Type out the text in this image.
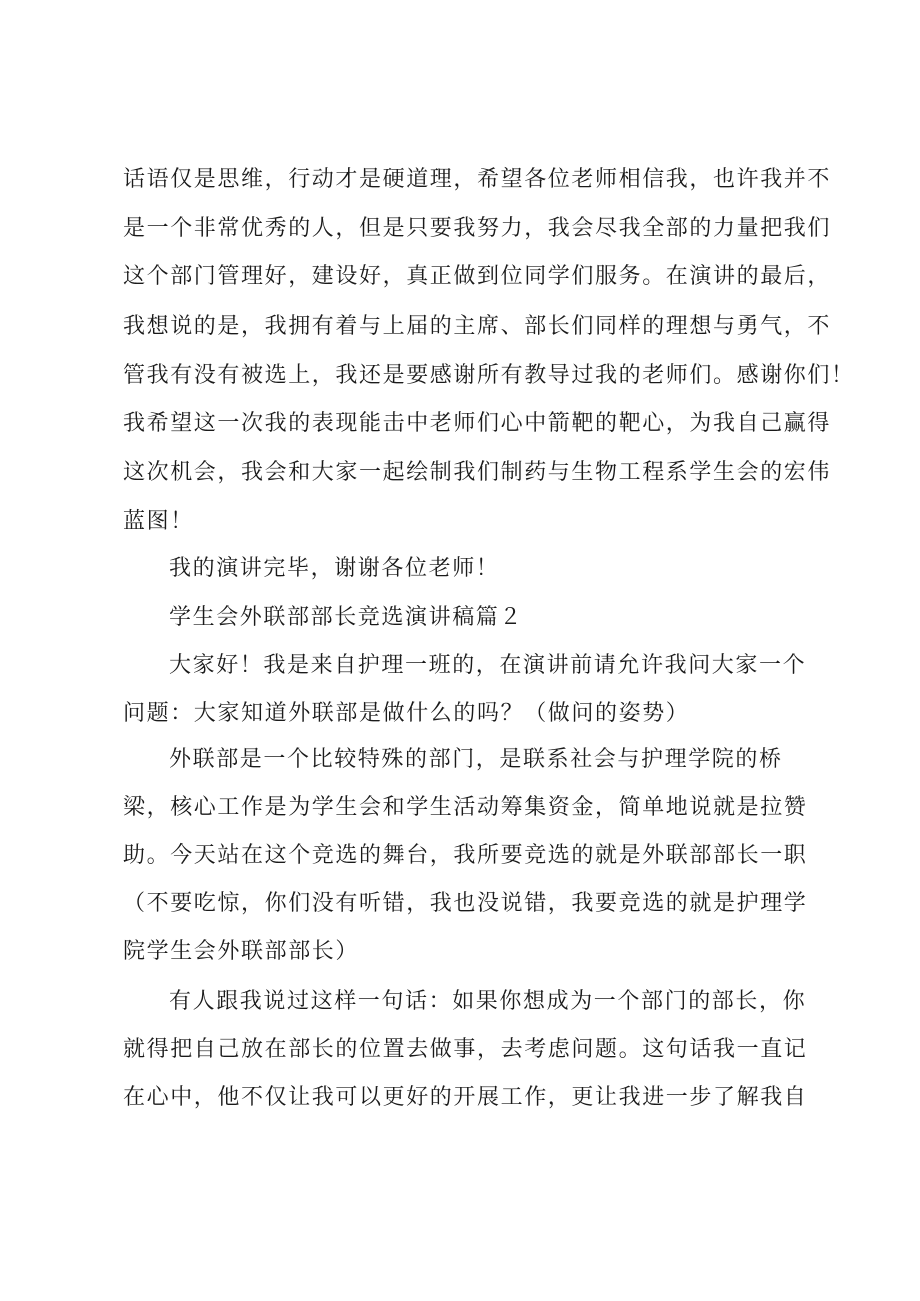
话语仅是思维，行动才是硬道理，希望各位老师相信我，也许我并不
是一个非常优秀的人，但是只要我努力，我会尽我全部的力量把我们
这个部门管理好，建设好，真正做到位同学们服务。在演讲的最后，
我想说的是，我拥有着与上届的主席、部长们同样的理想与勇气，不
管我有没有被选上，我还是要感谢所有教导过我的老师们。感谢你们！
我希望这一次我的表现能击中老师们心中箭靶的靶心，为我自己赢得
这次机会，我会和大家一起绘制我们制药与生物工程系学生会的宏伟
蓝图！
我的演讲完毕，谢谢各位老师！
学生会外联部部长竞选演讲稿篇２
大家好！我是来自护理一班的，在演讲前请允许我问大家一个
问题：大家知道外联部是做什么的吗？（做问的姿势）
外联部是一个比较特殊的部门，是联系社会与护理学院的桥
梁，核心工作是为学生会和学生活动筹集资金，简单地说就是拉赞
助。今天站在这个竞选的舞台，我所要竞选的就是外联部部长一职
（不要吃惊，你们没有听错，我也没说错，我要竞选的就是护理学
院学生会外联部部长）
有人跟我说过这样一句话：如果你想成为一个部门的部长，你
就得把自己放在部长的位置去做事，去考虑问题。这句话我一直记
在心中，他不仅让我可以更好的开展工作，更让我进一步了解我自
